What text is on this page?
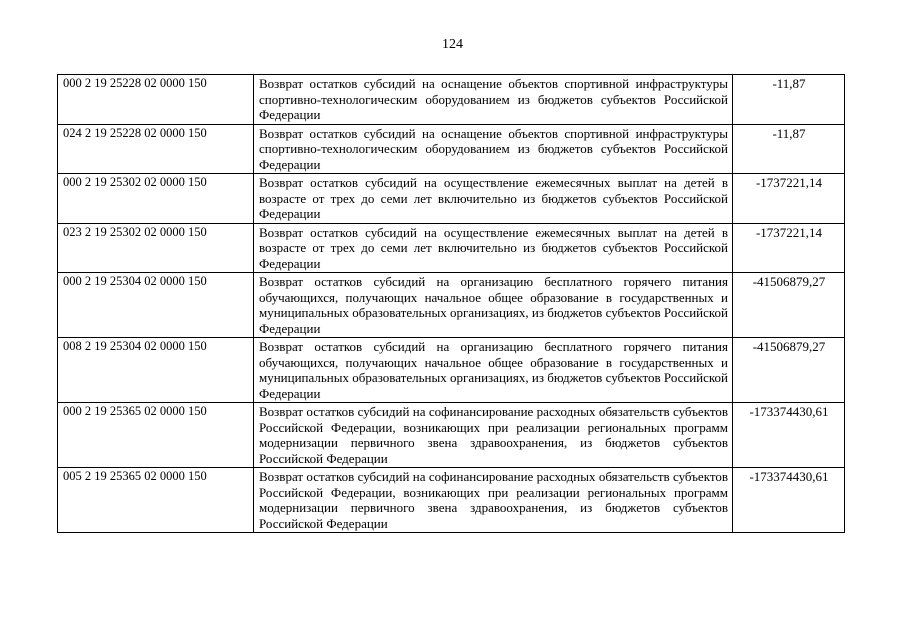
124
000 2 19 25228 02 0000 150	Возврат остатков субсидий на оснащение объектов спортивной инфраструктуры спортивно-технологическим оборудованием из бюджетов субъектов Российской Федерации	-11,87
024 2 19 25228 02 0000 150	Возврат остатков субсидий на оснащение объектов спортивной инфраструктуры спортивно-технологическим оборудованием из бюджетов субъектов Российской Федерации	-11,87
000 2 19 25302 02 0000 150	Возврат остатков субсидий на осуществление ежемесячных выплат на детей в возрасте от трех до семи лет включительно из бюджетов субъектов Российской Федерации	-1737221,14
023 2 19 25302 02 0000 150	Возврат остатков субсидий на осуществление ежемесячных выплат на детей в возрасте от трех до семи лет включительно из бюджетов субъектов Российской Федерации	-1737221,14
000 2 19 25304 02 0000 150	Возврат остатков субсидий на организацию бесплатного горячего питания обучающихся, получающих начальное общее образование в государственных и муниципальных образовательных организациях, из бюджетов субъектов Российской Федерации	-41506879,27
008 2 19 25304 02 0000 150	Возврат остатков субсидий на организацию бесплатного горячего питания обучающихся, получающих начальное общее образование в государственных и муниципальных образовательных организациях, из бюджетов субъектов Российской Федерации	-41506879,27
000 2 19 25365 02 0000 150	Возврат остатков субсидий на софинансирование расходных обязательств субъектов Российской Федерации, возникающих при реализации региональных программ модернизации первичного звена здравоохранения, из бюджетов субъектов Российской Федерации	-173374430,61
005 2 19 25365 02 0000 150	Возврат остатков субсидий на софинансирование расходных обязательств субъектов Российской Федерации, возникающих при реализации региональных программ модернизации первичного звена здравоохранения, из бюджетов субъектов Российской Федерации	-173374430,61
